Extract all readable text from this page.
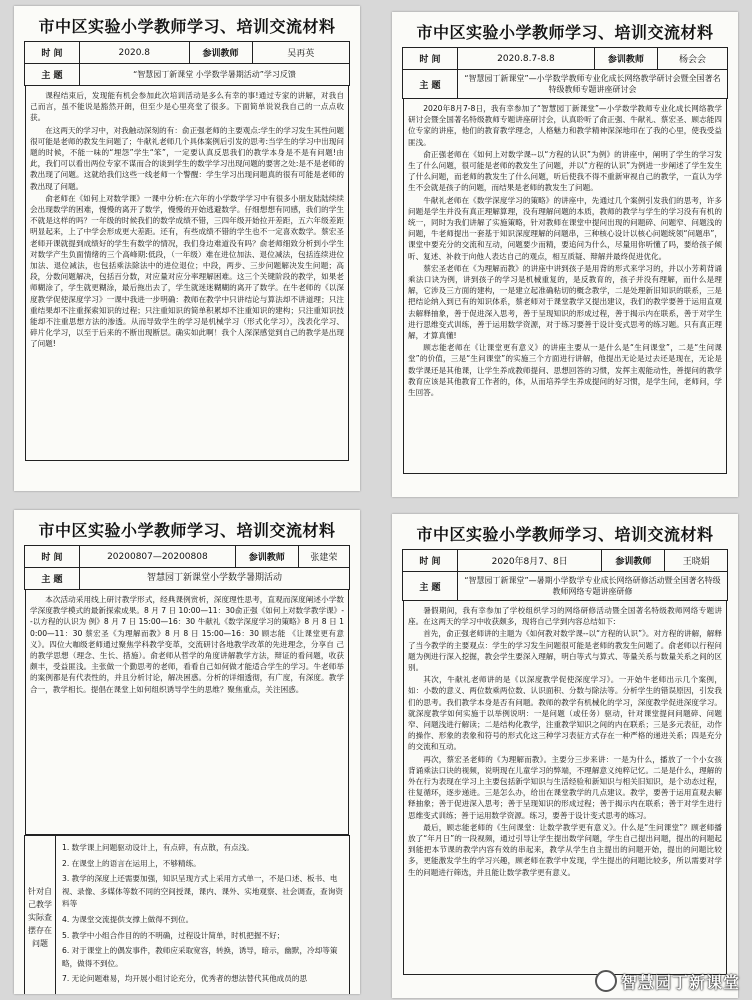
市中区实验小学教师学习、培训交流材料
时 间	2020.8	参训教师	吴再英
主 题	“智慧园丁新课堂 小学数学暑期活动”学习反馈		

课程结束后，发现能有机会参加此次培训活动是多么有幸的事!通过专家的讲解，对我自己而言，虽不能说是豁然开朗，但至少是心里亮堂了很多。下面简单说说我自己的一点点收获。

在这两天的学习中，对我触动深刻的有：俞正强老师的主要观点:学生的学习发生其性问题很可能是老师的教发生问题了；牛献礼老师几个具体案例后引发的思考:当学生的学习中出现问题的时候，不能一味的“埋怨”学生“笨”，一定要认真反思我们的教学本身是不是有问题!由此，我们可以看出两位专家不谋而合的谈到学生的数学学习出现问题的要害之处:是不是老师的教出现了问题。这就给我们这些一线老师一个警醒：学生学习出现问题真的很有可能是老师的教出现了问题。

俞老师在《如何上对数学课》一课中分析:在六年的小学数学学习中有很多小朋友陆陆续续会出现数学的困难，慢慢的离开了数学，慢慢的开始逃避数学。仔细想想有同感，我们的学生不就是这样的吗？一年级的时候我们的数学成绩不错，三四年级开始拉开差距，五六年级差距明显起来，上了中学会形成更大差距。还有，有些成绩不错的学生也不一定喜欢数学。蔡宏圣老师开课就提到成绩好的学生有数学的情况，我们身边难道没有吗？俞老师细致分析到小学生对数学产生负面情绪的三个高峰期:低段，（一年级）难在进位加法、退位减法，包括连续进位加法、退位减法，也包括乘法除法中的进位退位；中段，两步、三步问题解决发生问题；高段，分数问题解决，包括百分数，对应量对应分率理解困难。这三个关键阶段的教学，如果老师糊涂了，学生就更糊涂，最后拖出去了，学生就迷迷糊糊的离开了数学。在牛老师的《以深度教学促使深度学习》一课中我进一步明确：教师在教学中只讲结论与算法却不讲道理；只注重结果却不注重探索知识的过程；只注重知识的简单积累却不注重知识的建构；只注重知识技能却不注重思想方法的渗透。从而导致学生的学习是机械学习（形式化学习），浅表化学习、碎片化学习，以至于后来的不断出现断层。确实如此啊！我个人深深感觉到自己的教学是出现了问题!

市中区实验小学教师学习、培训交流材料
时 间	2020.8.7-8.8	参训教师	杨会会
主 题	“智慧园丁新课堂”—小学数学教师专业化成长网络教学研讨会暨全国著名特级教师专题讲座研讨会		

2020年8月7-8日，我有幸参加了“智慧园丁新课堂”—小学数学教师专业化成长网络教学研讨会暨全国著名特级教师专题讲座研讨会，认真聆听了俞正强、牛献礼、蔡宏圣、顾志能四位专家的讲座，他们的教育教学理念，人格魅力和教学精神深深地印在了我的心里，使我受益匪浅。

俞正强老师在《如何上对数学课--以“方程的认识”为例》的讲座中，阐明了学生的学习发生了什么问题，很可能是老师的教发生了问题，并以“方程的认识”为例进一步阐述了学生发生了什么问题，而老师的教发生了什么问题，听后使我不得不重新审视自己的教学，一直认为学生不会就是孩子的问题，而结果是老师的教发生了问题。

牛献礼老师在《数学深度学习的策略》的讲座中，先通过几个案例引发我们的思考，许多问题是学生并没有真正理解算理，没有理解问题的本质，教师的教学与学生的学习没有有机的统一，同时为我们讲解了实施策略，针对教师在课堂中提问出现的问题碎、问题窄、问题浅的问题，牛老师提出一套基于知识深度理解的问题串，三种核心设计以核心问题统领“问题串”，课堂中要充分的交流和互动，问题要少而精，要追问为什么，尽量用你听懂了吗，要给孩子倾听、复述、补救于向他人表达自己的观点，相互质疑、辩解并最终促进优化。

蔡宏圣老师在《为理解而教》的讲座中讲到孩子是用背的形式来学习的，并以小芳莉背诵乘法口诀为例，讲到孩子的学习是机械重复的，是反教育的，孩子并没有理解，而什么是理解，它涉及三方面的建构，一是建立起准确粘切的概念教学，二是处理新旧知识的联系，三是把结论纳入到已有的知识体系，蔡老师对于课堂教学又提出建议，我们的教学要善于运用直观去解释抽象，善于促进深入思考，善于呈现知识的形成过程，善于揭示内在联系，善于对学生进行思维变式训练，善于运用数学资源，对于练习要善于设计变式思考的练习题。只有真正理解，才算真懂!

顾志能老师在《让课堂更有意义》的讲座主要从一是什么是“生问课堂”，二是“生问课堂”的价值，三是“生问课堂”的实施三个方面进行讲解，他提出无论是过去还是现在，无论是数学课还是其他课，让学生养成教师提问、思想回答的习惯，发挥主观能动性，善提问的教学教育应该是其他教育工作者的，体，从而培养学生养成提问的好习惯，是学生问，老师问，学生回答。

市中区实验小学教师学习、培训交流材料
时 间	20200807—20200808	参训教师	张建荣
主 题	智慧园丁新课堂小学数学暑期活动		

本次活动采用线上研讨教学形式，经典课例赏析，深度理性思考，直观而深度阐述小学数学深度教学模式的最新探索成果。8 月 7 日 10:00—11：30俞正强《如何上对数学教学课》--以方程的认识为 例》8 月 7 日 15:00—16：30 牛献礼《数学深度学习的策略》8 月 8 日 10:00—11：30 蔡宏圣《为理解而教》8 月 8 日 15:00—16：30 顾志能 《让课堂更有意义》。四位大咖级老师通过聚焦学科教学变革，交流研讨各地教学改革的先进理念，分享自 己的教学思想（理念、生长、措施）。俞老师从哲学的角度讲解教学方法，辩证的看问题，收获颇丰，受益匪浅。主张做一个勤思考的老师，看看自己如何做才能适合学生的学习。牛老师举的案例都是有代表性的，并且分析讨论，解决困惑。分析的详细透彻，有广度，有深度。教学合一，教学相长。提倡在课堂上如何组织诱导学生的思维？聚焦重点，关注困惑。

针对自己教学实际查摆存在问题	
1. 数学课上问题驱动设计上，有点碎，有点散，有点浅。
2. 在课堂上的语言在运用上，不够精练。
3. 教学的深度上还需要加强，知识呈现方式上采用方式单一，不是口述、板书、电视、录像、多媒体等数不同的空间授课，课内、课外、实地观察、社会调查，查询资料等
4. 为课堂交流提供支撑上做得不到位。
5. 教学中小组合作目的的不明确，过程设计简单，时机把握不好；
6. 对于课堂上的偶发事件，教师应采取宽容，转换，诱导，暗示，幽默，冷却等策略，做得不到位。
7. 无论问题难易，均开展小组讨论充分，优秀者的想法替代其他成员的思
市中区实验小学教师学习、培训交流材料
时 间	2020年8月7、8日	参训教师	王晓娟
主 题	“智慧园丁新课堂”—暑期小学数学专业成长网络研修活动暨全国著名特级教师网络专题讲座研修		

暑假期间，我有幸参加了学校组织学习的网络研修活动暨全国著名特级教师网络专题讲座。在这两天的学习中收获颇多，现将自己学到内容总结如下:

首先，俞正强老师讲的主题为《如何教对数学课--以“方程的认识”》。对方程的讲解，解释了当今教学的主要观点：学生的学习发生问题很可能是老师的教发生问题了。俞老师以行程问题为例进行深入挖掘，教会学生要深入理解，明白等式与算式、等量关系与数量关系之间的区别。

其次，牛献礼老师讲的是《以深度教学促使深度学习》。一开始牛老师出示几个案例，如：小数的意义、两位数乘两位数、认识面积、分数与除法等。分析学生的错误原因，引发我们的思考。我们教学本身是否有问题。教师的教学有机械化的学习，深度教学促进深度学习。就深度教学如何实施于以举例说明：一是问题（或任务）驱动，针对课堂提问问题碎、问题窄、问题浅进行解读；二是结构化教学，注重教学知识之间的内在联系；三是多元表征，动作的操作、形象的表象和符号的形式化这三种学习表征方式存在一种严格的递进关系；四是充分的交流和互动。

再次，蔡宏圣老师的《为理解而教》。主要分三步来讲：一是为什么，播放了一个小女孩背诵乘法口诀的视频，说明现在儿童学习的弊端，不理解意义纯粹记忆。二是是什么，理解的外在行为表现在学习上主要包括新学知识与生活经验和新知识与相关旧知识，是个动态过程，往复循环，逐步递进。三是怎么办，给出在课堂教学的几点建议。教学，要善于运用直观去解释抽象；善于促进深入思考；善于呈现知识的形成过程；善于揭示内在联系；善于对学生进行思维变式训练；善于运用数学资源。练习，要善于设计变式思考的练习。

最后，顾志能老师的《生问课堂：让数学教学更有意义》。什么是“生问课堂”？顾老师播放了“年月日”的一段视频，通过引导让学生提出数学问题，学生自己提出问题，提出的问题起到能把本节课的教学内容有效的串起来，教学从学生自主提出的问题开始，提出的问题比较多，更能激发学生的学习兴趣，顾老师在教学中发现，学生提出的问题比较多，所以需要对学生的问题进行筛选，并且能让数学教学更有意义。

智慧园丁新课堂
